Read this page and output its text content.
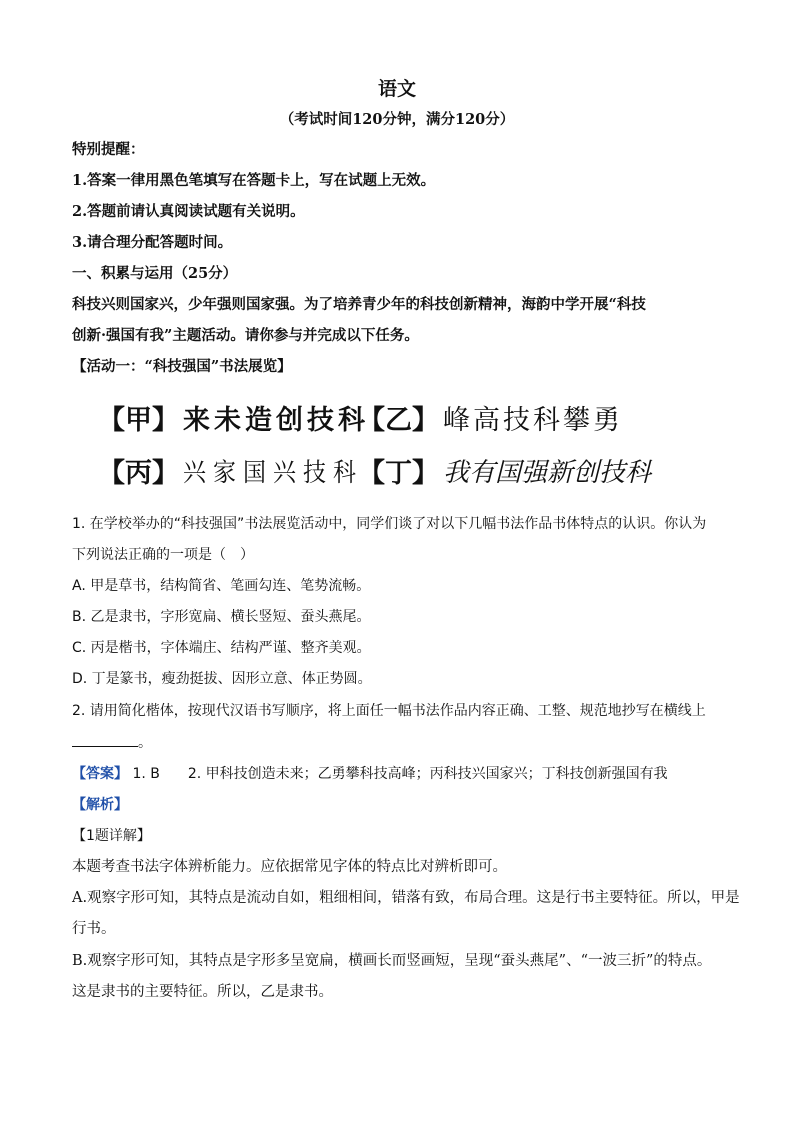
语文
（考试时间120分钟，满分120分）
特别提醒：
1.答案一律用黑色笔填写在答题卡上，写在试题上无效。
2.答题前请认真阅读试题有关说明。
3.请合理分配答题时间。
一、积累与运用（25分）
科技兴则国家兴，少年强则国家强。为了培养青少年的科技创新精神，海韵中学开展“科技
创新·强国有我”主题活动。请你参与并完成以下任务。
【活动一：“科技强国”书法展览】
【甲】 来未造创技科
【乙】 峰高技科攀勇
【丙】 兴家国兴技科
【丁】 我有国强新创技科
1. 在学校举办的“科技强国”书法展览活动中，同学们谈了对以下几幅书法作品书体特点的认识。你认为
下列说法正确的一项是（　）
A. 甲是草书，结构简省、笔画勾连、笔势流畅。
B. 乙是隶书，字形宽扁、横长竖短、蚕头燕尾。
C. 丙是楷书，字体端庄、结构严谨、整齐美观。
D. 丁是篆书，瘦劲挺拔、因形立意、体正势圆。
2. 请用简化楷体，按现代汉语书写顺序，将上面任一幅书法作品内容正确、工整、规范地抄写在横线上
。
【答案】 1. B　　2. 甲科技创造未来；乙勇攀科技高峰；丙科技兴国家兴；丁科技创新强国有我
【解析】
【1题详解】
本题考查书法字体辨析能力。应依据常见字体的特点比对辨析即可。
A.观察字形可知，其特点是流动自如，粗细相间，错落有致，布局合理。这是行书主要特征。所以，甲是
行书。
B.观察字形可知，其特点是字形多呈宽扁，横画长而竖画短，呈现“蚕头燕尾”、“一波三折”的特点。
这是隶书的主要特征。所以，乙是隶书。
